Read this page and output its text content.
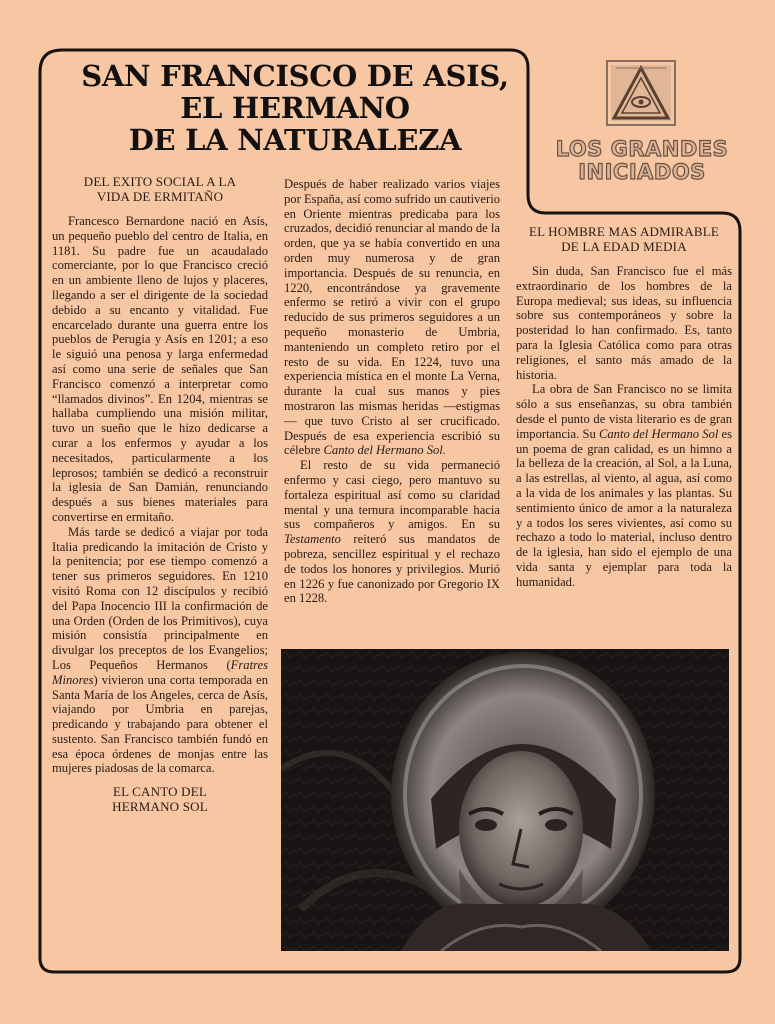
SAN FRANCISCO DE ASIS,
EL HERMANO
DE LA NATURALEZA	LOS GRANDES
INICIADOS
DEL EXITO SOCIAL A LA
VIDA DE ERMITAÑO

Francesco Bernardone nació en Asís, un pequeño pueblo del centro de Italia, en 1181. Su padre fue un acaudalado comerciante, por lo que Francisco creció en un ambiente lleno de lujos y placeres, llegando a ser el dirigente de la sociedad debido a su encanto y vitalidad. Fue encarcelado durante una guerra entre los pueblos de Perugia y Asís en 1201; a eso le siguió una penosa y larga enfermedad así como una serie de señales que San Francisco comenzó a interpretar como “llamados divinos”. En 1204, mientras se hallaba cumpliendo una misión militar, tuvo un sueño que le hizo dedicarse a curar a los enfermos y ayudar a los necesitados, particularmente a los leprosos; también se dedicó a reconstruir la iglesia de San Damián, renunciando después a sus bienes materiales para convertirse en ermitaño.

Más tarde se dedicó a viajar por toda Italia predicando la imitación de Cristo y la penitencia; por ese tiempo comenzó a tener sus primeros seguidores. En 1210 visitó Roma con 12 discípulos y recibió del Papa Inocencio III la confirmación de una Orden (Orden de los Primitivos), cuya misión consistía principalmente en divulgar los preceptos de los Evangelios; Los Pequeños Hermanos (Fratres Minores) vivieron una corta temporada en Santa María de los Angeles, cerca de Asís, viajando por Umbria en parejas, predicando y trabajando para obtener el sustento. San Francisco también fundó en esa época órdenes de monjas entre las mujeres piadosas de la comarca.

EL CANTO DEL
HERMANO SOL

Después de haber realizado varios viajes por España, así como sufrido un cautiverio en Oriente mientras predicaba para los cruzados, decidió renunciar al mando de la orden, que ya se había convertido en una orden muy numerosa y de gran importancia. Después de su renuncia, en 1220, encontrándose ya gravemente enfermo se retiró a vivir con el grupo reducido de sus primeros seguidores a un pequeño monasterio de Umbria, manteniendo un completo retiro por el resto de su vida. En 1224, tuvo una experiencia mística en el monte La Verna, durante la cual sus manos y pies mostraron las mismas heridas —estigmas— que tuvo Cristo al ser crucificado. Después de esa experiencia escribió su célebre Canto del Hermano Sol.

El resto de su vida permaneció enfermo y casi ciego, pero mantuvo su fortaleza espiritual así como su claridad mental y una ternura incomparable hacia sus compañeros y amigos. En su Testamento reiteró sus mandatos de pobreza, sencillez espiritual y el rechazo de todos los honores y privilegios. Murió en 1226 y fue canonizado por Gregorio IX en 1228.

EL HOMBRE MAS ADMIRABLE
DE LA EDAD MEDIA

Sin duda, San Francisco fue el más extraordinario de los hombres de la Europa medieval; sus ideas, su influencia sobre sus contemporáneos y sobre la posteridad lo han confirmado. Es, tanto para la Iglesia Católica como para otras religiones, el santo más amado de la historia.

La obra de San Francisco no se limita sólo a sus enseñanzas, su obra también desde el punto de vista literario es de gran importancia. Su Canto del Hermano Sol es un poema de gran calidad, es un himno a la belleza de la creación, al Sol, a la Luna, a las estrellas, al viento, al agua, así como a la vida de los animales y las plantas. Su sentimiento único de amor a la naturaleza y a todos los seres vivientes, así como su rechazo a todo lo material, incluso dentro de la iglesia, han sido el ejemplo de una vida santa y ejemplar para toda la humanidad.
